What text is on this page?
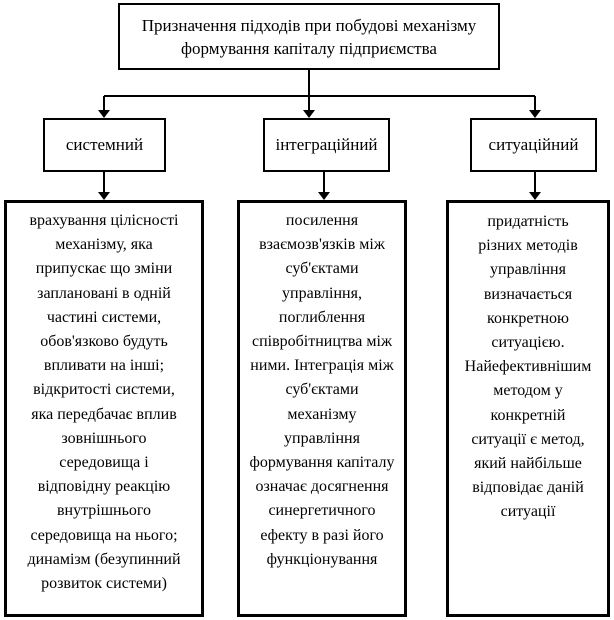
Призначення підходів при побудові механізму
формування капіталу підприємства
системний	інтеграційний	ситуаційний

врахування цілісності
механізму, яка
припускає що зміни
заплановані в одній
частині системи,
обов'язково будуть
впливати на інші;
відкритості системи,
яка передбачає вплив
зовнішнього
середовища і
відповідну реакцію
внутрішнього
середовища на нього;
динамізм (безупинний
розвиток системи)

посилення
взаємозв'язків між
суб'єктами
управління,
поглиблення
співробітництва між
ними. Інтеграція між
суб'єктами
механізму
управління
формування капіталу
означає досягнення
синергетичного
ефекту в разі його
функціонування

придатність
різних методів
управління
визначається
конкретною
ситуацією.
Найефективнішим
методом у
конкретній
ситуації є метод,
який найбільше
відповідає даній
ситуації
